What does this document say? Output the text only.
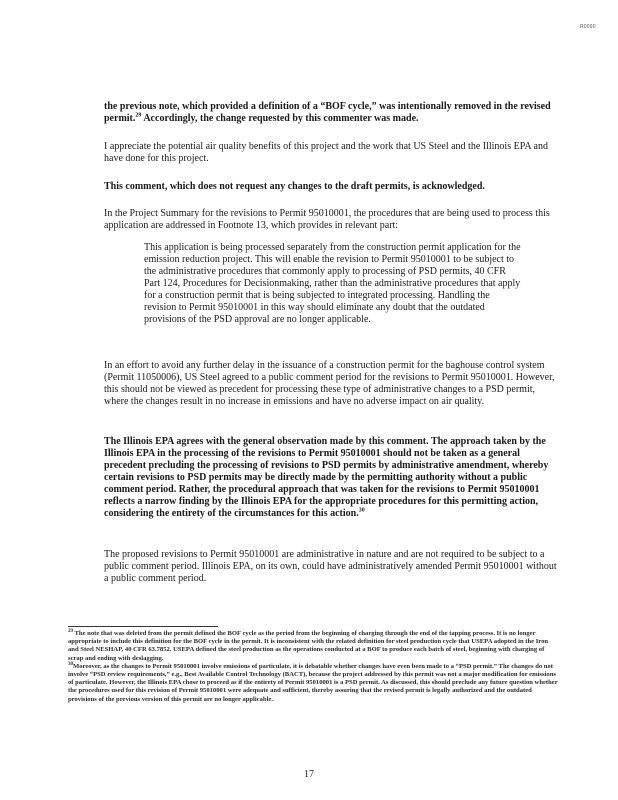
R0090

the previous note, which provided a definition of a “BOF cycle,” was intentionally removed in the revised permit.$^{29}$ Accordingly, the change requested by this commenter was made.

I appreciate the potential air quality benefits of this project and the work that US Steel and the Illinois EPA and have done for this project.

This comment, which does not request any changes to the draft permits, is acknowledged.

In the Project Summary for the revisions to Permit 95010001, the procedures that are being used to process this application are addressed in Footnote 13, which provides in relevant part:

This application is being processed separately from the construction permit application for the emission reduction project. This will enable the revision to Permit 95010001 to be subject to the administrative procedures that commonly apply to processing of PSD permits, 40 CFR Part 124, Procedures for Decisionmaking, rather than the administrative procedures that apply for a construction permit that is being subjected to integrated processing. Handling the revision to Permit 95010001 in this way should eliminate any doubt that the outdated provisions of the PSD approval are no longer applicable.

In an effort to avoid any further delay in the issuance of a construction permit for the baghouse control system (Permit 11050006), US Steel agreed to a public comment period for the revisions to Permit 95010001. However, this should not be viewed as precedent for processing these type of administrative changes to a PSD permit, where the changes result in no increase in emissions and have no adverse impact on air quality.

The Illinois EPA agrees with the general observation made by this comment. The approach taken by the Illinois EPA in the processing of the revisions to Permit 95010001 should not be taken as a general precedent precluding the processing of revisions to PSD permits by administrative amendment, whereby certain revisions to PSD permits may be directly made by the permitting authority without a public comment period. Rather, the procedural approach that was taken for the revisions to Permit 95010001 reflects a narrow finding by the Illinois EPA for the appropriate procedures for this permitting action, considering the entirety of the circumstances for this action.$^{30}$

The proposed revisions to Permit 95010001 are administrative in nature and are not required to be subject to a public comment period. Illinois EPA, on its own, could have administratively amended Permit 95010001 without a public comment period.

$^{29}$ The note that was deleted from the permit defined the BOF cycle as the period from the beginning of charging through the end of the tapping process. It is no longer appropriate to include this definition for the BOF cycle in the permit. It is inconsistent with the related definition for steel production cycle that USEPA adopted in the Iron and Steel NESHAP, 40 CFR 63.7852. USEPA defined the steel production as the operations conducted at a BOF to produce each batch of steel, beginning with charging of scrap and ending with deslagging.

$^{30}$Moreover, as the changes to Permit 95010001 involve emissions of particulate, it is debatable whether changes have even been made to a “PSD permit.” The changes do not involve “PSD review requirements,” e.g., Best Available Control Technology (BACT), because the project addressed by this permit was not a major modification for emissions of particulate. However, the Illinois EPA chose to proceed as if the entirety of Permit 95010001 is a PSD permit. As discussed, this should preclude any future question whether the procedures used for this revision of Permit 95010001 were adequate and sufficient, thereby assuring that the revised permit is legally authorized and the outdated provisions of the previous version of this permit are no longer applicable.

17
